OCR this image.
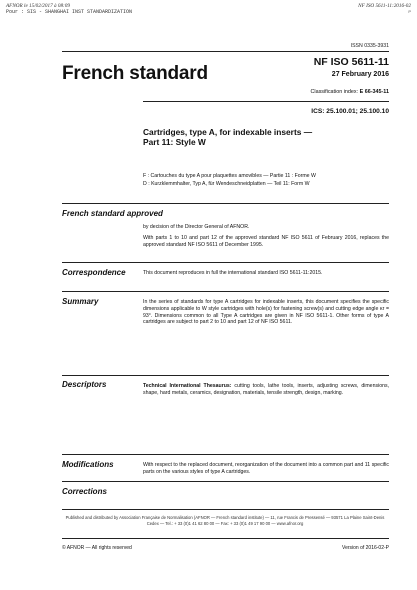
AFNOR le 15/02/2017 à 08:09
Pour : SIS - SHANGHAI INST STANDARDIZATION
NF ISO 5611-11:2016-02
P
ISSN 0335-3931
French standard
NF ISO 5611-11
27 February 2016
Classification index: E 66-345-11
ICS: 25.100.01; 25.100.10
Cartridges, type A, for indexable inserts —
Part 11: Style W
F : Cartouches du type A pour plaquettes amovibles — Partie 11 : Forme W
D : Kurzklemmhalter, Typ A, für Wendeschneidplatten — Teil 11: Form W
French standard approved
by decision of the Director General of AFNOR.
With parts 1 to 10 and part 12 of the approved standard NF ISO 5611 of February 2016, replaces the approved standard NF ISO 5611 of December 1995.
Correspondence	This document reproduces in full the international standard ISO 5611-11:2015.
Summary	In the series of standards for type A cartridges for indexable inserts, this document specifies the specific dimensions applicable to W style cartridges with hole(s) for fastening screw(s) and cutting edge angle κr = 93°. Dimensions common to all Type A cartridges are given in NF ISO 5611-1. Other forms of type A cartridges are subject to part 2 to 10 and part 12 of NF ISO 5611.
Descriptors	Technical International Thesaurus: cutting tools, lathe tools, inserts, adjusting screws, dimensions, shape, hard metals, ceramics, designation, materials, tensile strength, design, marking.
Modifications	With respect to the replaced document, reorganization of the document into a common part and 11 specific parts on the various styles of type A cartridges.
Corrections
Published and distributed by Association Française de Normalisation (AFNOR — French standard institute) — 11, rue Francis de Pressensé — 93571 La Plaine Saint-Denis Cedex — Tel.: + 33 (0)1 41 62 80 00 — Fax: + 33 (0)1 49 17 90 00 — www.afnor.org
© AFNOR — All rights reserved	Version of 2016-02-P
